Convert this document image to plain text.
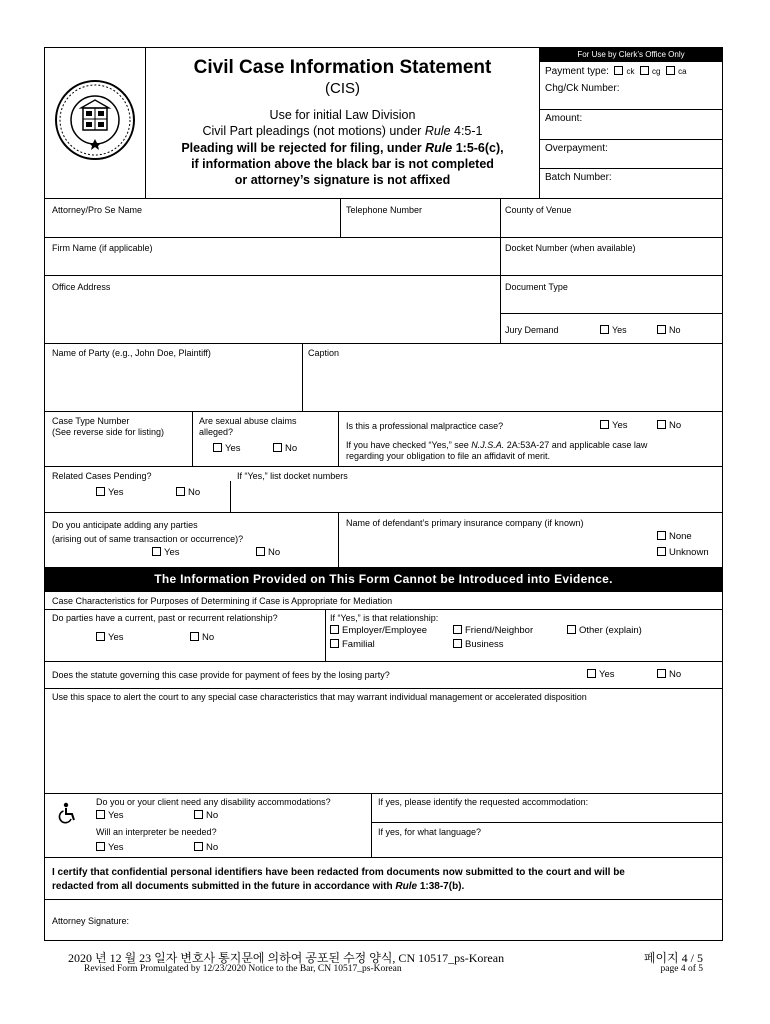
Civil Case Information Statement
(CIS)
Use for initial Law Division
Civil Part pleadings (not motions) under Rule 4:5-1
Pleading will be rejected for filing, under Rule 1:5-6(c),
if information above the black bar is not completed
or attorney’s signature is not affixed
For Use by Clerk’s Office Only
Payment type: ck cg ca
Chg/Ck Number:
Amount:
Overpayment:
Batch Number:
Attorney/Pro Se Name	Telephone Number	County of Venue
Firm Name (if applicable)	Docket Number (when available)
Office Address	Document Type
Jury Demand	Yes	No
Name of Party (e.g., John Doe, Plaintiff)	Caption
Case Type Number
(See reverse side for listing)
Are sexual abuse claims
alleged?
Yes	No
Is this a professional malpractice case?	Yes	No
If you have checked “Yes,” see N.J.S.A. 2A:53A-27 and applicable case law
regarding your obligation to file an affidavit of merit.
Related Cases Pending?	If “Yes,” list docket numbers
Yes	No
Do you anticipate adding any parties
(arising out of same transaction or occurrence)?
Yes	No
Name of defendant’s primary insurance company (if known)
None
Unknown
The Information Provided on This Form Cannot be Introduced into Evidence.
Case Characteristics for Purposes of Determining if Case is Appropriate for Mediation
Do parties have a current, past or recurrent relationship?
Yes	No
If “Yes,” is that relationship:
Employer/Employee	Friend/Neighbor	Other (explain)
Familial	Business
Does the statute governing this case provide for payment of fees by the losing party?	Yes	No
Use this space to alert the court to any special case characteristics that may warrant individual management or accelerated disposition
Do you or your client need any disability accommodations?
Yes	No
If yes, please identify the requested accommodation:
Will an interpreter be needed?
Yes	No
If yes, for what language?
I certify that confidential personal identifiers have been redacted from documents now submitted to the court and will be
redacted from all documents submitted in the future in accordance with Rule 1:38-7(b).
Attorney Signature:
2020 년 12 월 23 일자 변호사 통지문에 의하여 공포된 수정 양식, CN 10517_ps-Korean
Revised Form Promulgated by 12/23/2020 Notice to the Bar, CN 10517_ps-Korean
페이지 4 / 5
page 4 of 5
